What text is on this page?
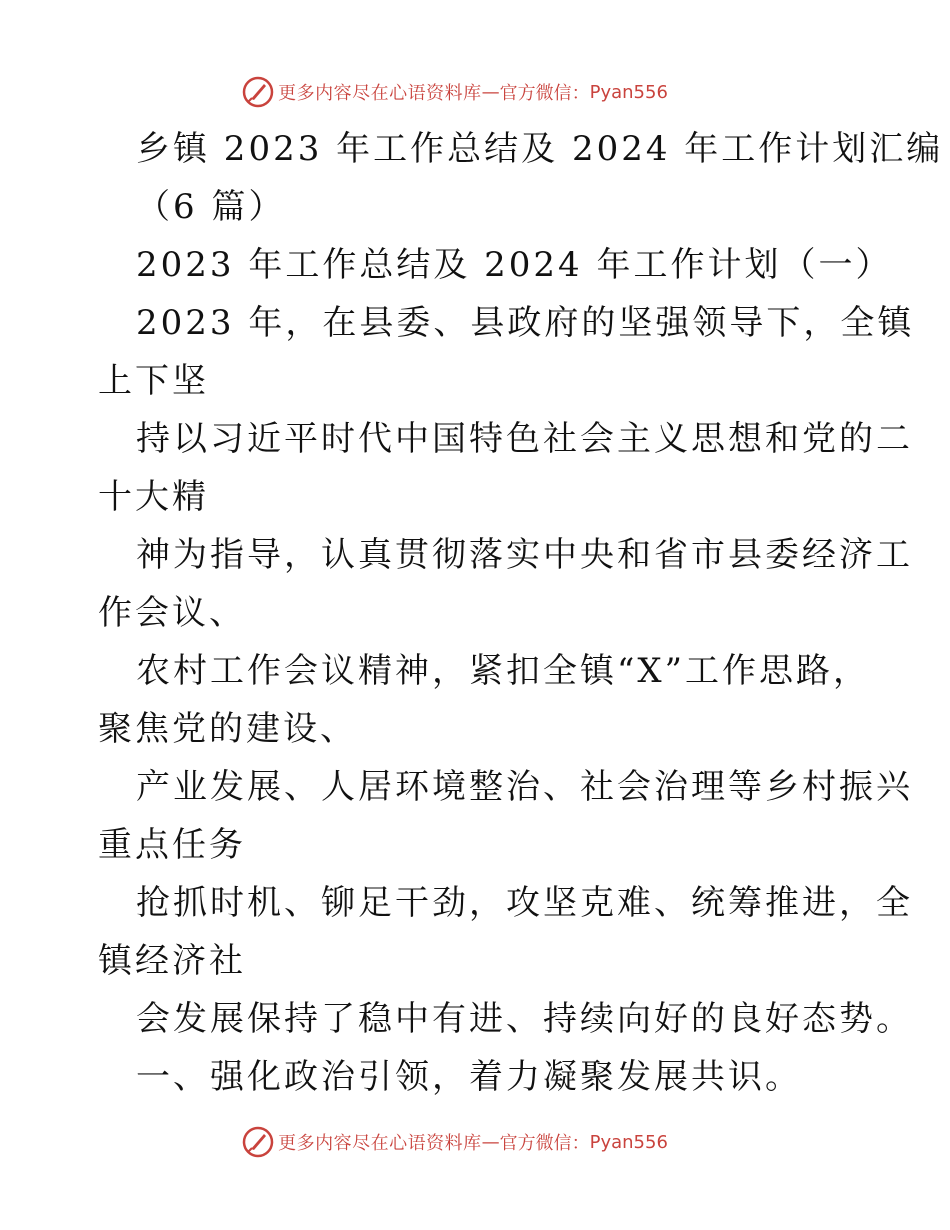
更多内容尽在心语资料库 — 官方微信： Pyan556
乡镇 2023 年工作总结及 2024 年工作计划汇编
（6 篇）
2023 年工作总结及 2024 年工作计划（一）
2023 年，在县委、县政府的坚强领导下，全镇
上下坚
持以习近平时代中国特色社会主义思想和党的二
十大精
神为指导，认真贯彻落实中央和省市县委经济工
作会议、
农村工作会议精神，紧扣全镇“X”工作思路，
聚焦党的建设、
产业发展、人居环境整治、社会治理等乡村振兴
重点任务
抢抓时机、铆足干劲，攻坚克难、统筹推进，全
镇经济社
会发展保持了稳中有进、持续向好的良好态势。
一、强化政治引领，着力凝聚发展共识。
更多内容尽在心语资料库 — 官方微信： Pyan556
